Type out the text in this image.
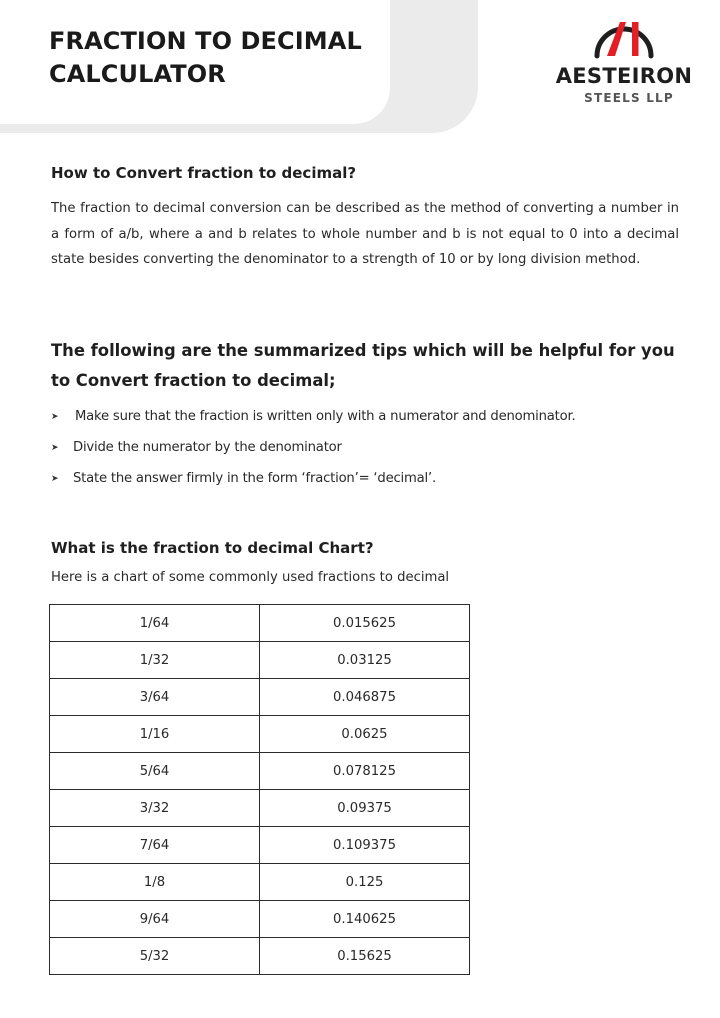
FRACTION TO DECIMAL CALCULATOR	AESTEIRON
STEELS LLP
How to Convert fraction to decimal?

The fraction to decimal conversion can be described as the method of converting a number in a form of a/b, where a and b relates to whole number and b is not equal to 0 into a decimal state besides converting the denominator to a strength of 10 or by long division method.

The following are the summarized tips which will be helpful for you to Convert fraction to decimal;
➤	Make sure that the fraction is written only with a numerator and denominator.
➤	Divide the numerator by the denominator
➤	State the answer firmly in the form ‘fraction’= ‘decimal’.
What is the fraction to decimal Chart?

Here is a chart of some commonly used fractions to decimal

1/64	0.015625
1/32	0.03125
3/64	0.046875
1/16	0.0625
5/64	0.078125
3/32	0.09375
7/64	0.109375
1/8	0.125
9/64	0.140625
5/32	0.15625
